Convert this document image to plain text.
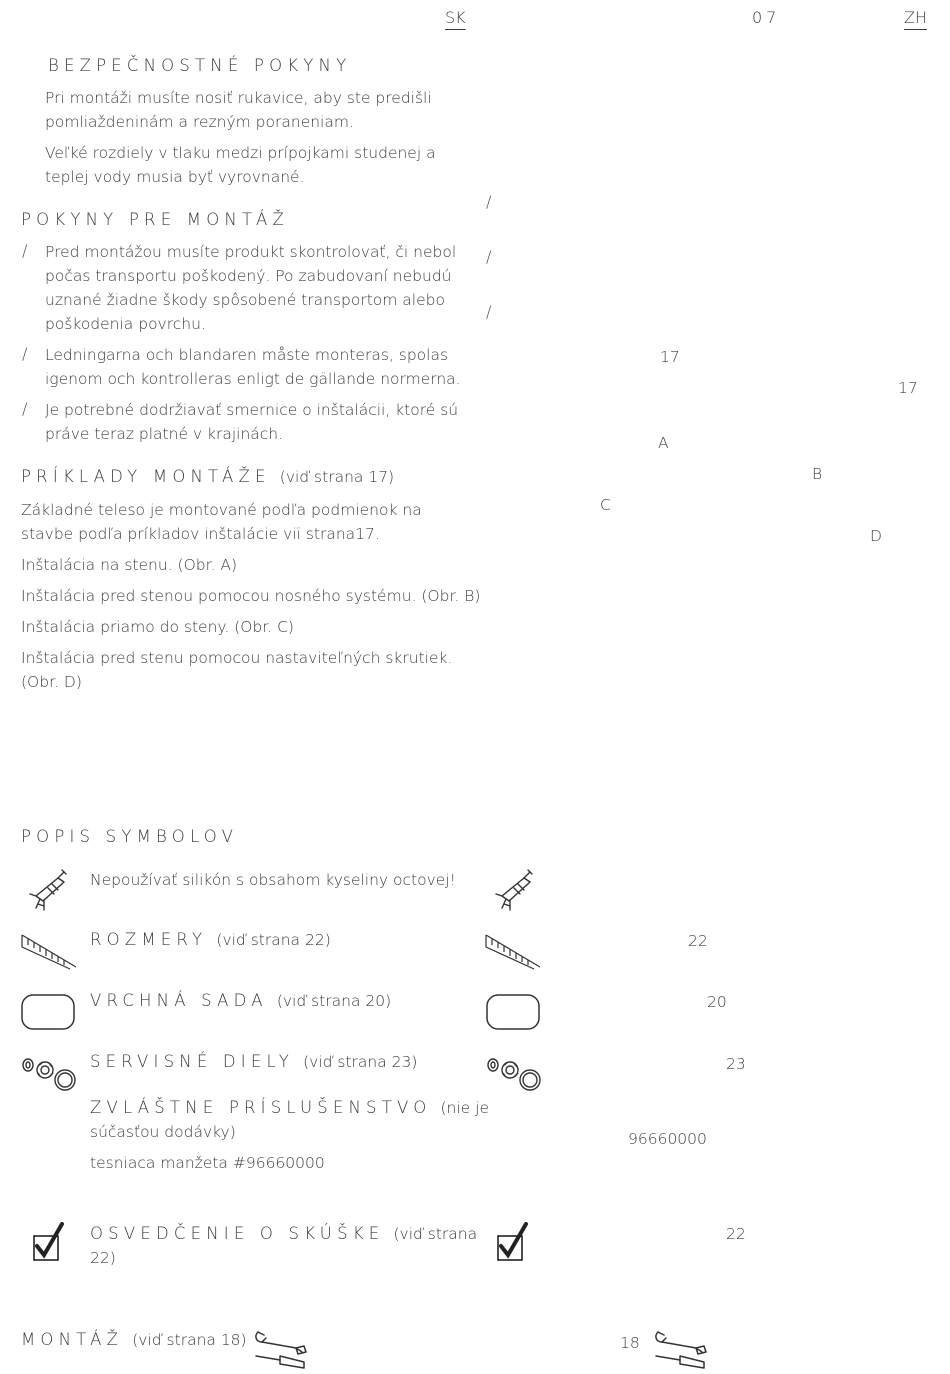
SK	07	ZH
BEZPEČNOSTNÉ POKYNY
Pri montáži musíte nosiť rukavice, aby ste predišli
pomliaždeninám a rezným poraneniam.
Veľké rozdiely v tlaku medzi prípojkami studenej a
teplej vody musia byť vyrovnané.
POKYNY PRE MONTÁŽ
/ Pred montážou musíte produkt skontrolovať, či nebol
počas transportu poškodený. Po zabudovaní nebudú
uznané žiadne škody spôsobené transportom alebo
poškodenia povrchu.
/ Ledningarna och blandaren måste monteras, spolas
igenom och kontrolleras enligt de gällande normerna.
/ Je potrebné dodržiavať smernice o inštalácii, ktoré sú
práve teraz platné v krajinách.
PRÍKLADY MONTÁŽE (viď strana 17)
Základné teleso je montované podľa podmienok na
stavbe podľa príkladov inštalácie viï strana17.
Inštalácia na stenu. (Obr. A)
Inštalácia pred stenou pomocou nosného systému. (Obr. B)
Inštalácia priamo do steny. (Obr. C)
Inštalácia pred stenu pomocou nastaviteľných skrutiek.
(Obr. D)
/
/
/
17
17
A
B
C
D
POPIS SYMBOLOV
Nepoužívať silikón s obsahom kyseliny octovej!
ROZMERY (viď strana 22)
VRCHNÁ SADA (viď strana 20)
SERVISNÉ DIELY (viď strana 23)
ZVLÁŠTNE PRÍSLUŠENSTVO (nie je
súčasťou dodávky)
tesniaca manžeta #96660000
OSVEDČENIE O SKÚŠKE (viď strana
22)
MONTÁŽ (viď strana 18)
22
20
23
96660000
22
18
